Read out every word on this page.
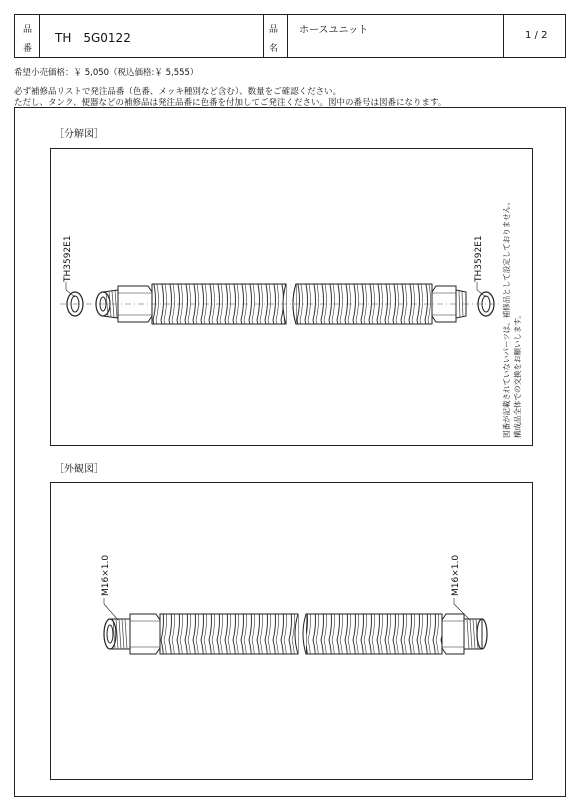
品
番
TH　5G0122
品
名
ホースユニット	1 / 2
希望小売価格：￥ 5,050（税込価格:￥ 5,555）
必ず補修品リストで発注品番（色番、メッキ種別など含む）、数量をご確認ください。
ただし、タンク、便器などの補修品は発注品番に色番を付加してご発注ください。図中の番号は図番になります。
［分解図］
TH3592E1	TH3592E1 図番が記載されていないパーツは、補修品として設定しておりません。 構成品全体での交換をお願いします。
M16×1.0	M16×1.0
［外観図］
